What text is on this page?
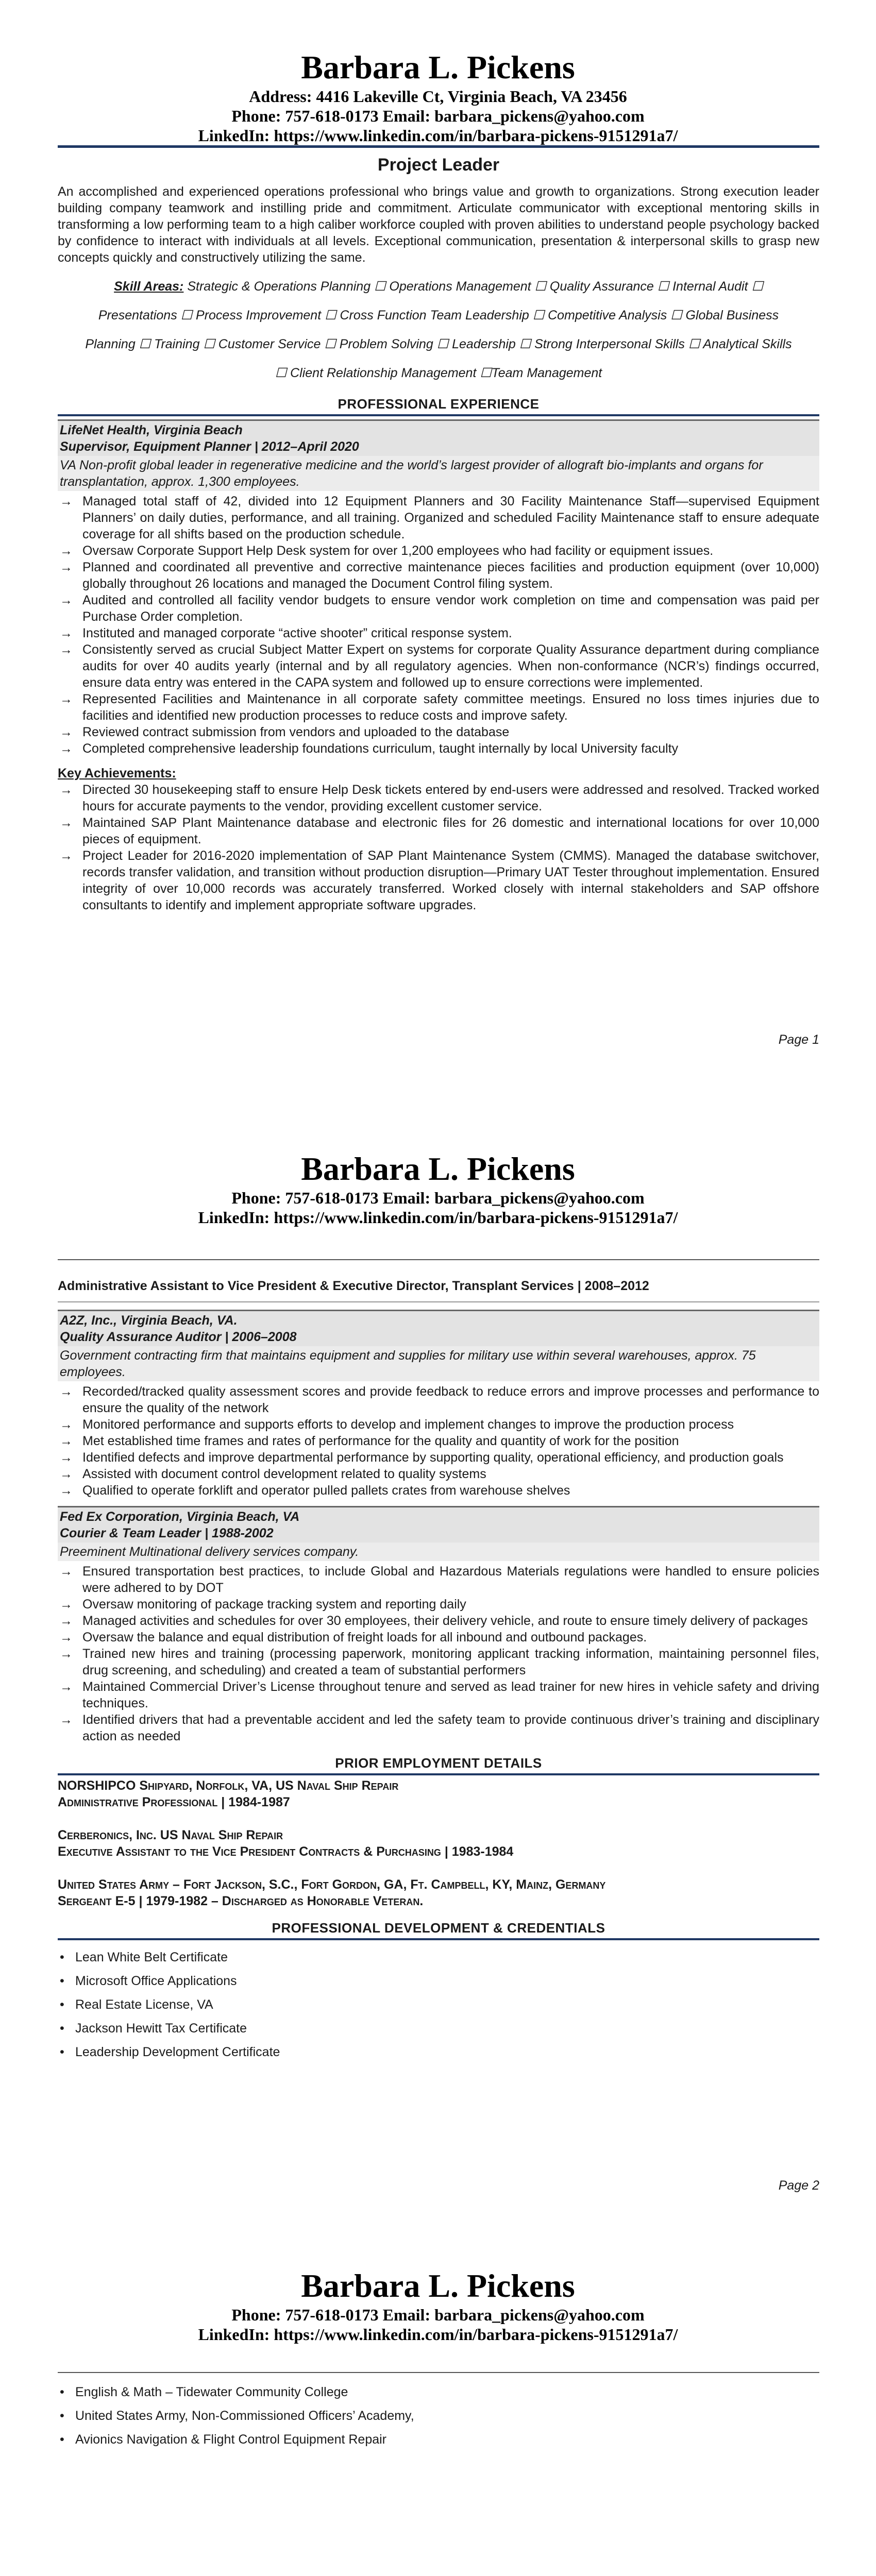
Barbara L. Pickens
Address: 4416 Lakeville Ct, Virginia Beach, VA 23456
Phone: 757-618-0173 Email: barbara_pickens@yahoo.com
LinkedIn: https://www.linkedin.com/in/barbara-pickens-9151291a7/
Project Leader

An accomplished and experienced operations professional who brings value and growth to organizations. Strong execution leader building company teamwork and instilling pride and commitment. Articulate communicator with exceptional mentoring skills in transforming a low performing team to a high caliber workforce coupled with proven abilities to understand people psychology backed by confidence to interact with individuals at all levels. Exceptional communication, presentation & interpersonal skills to grasp new concepts quickly and constructively utilizing the same.

Skill Areas: Strategic & Operations Planning ☐ Operations Management ☐ Quality Assurance ☐ Internal Audit ☐ Presentations ☐ Process Improvement ☐ Cross Function Team Leadership ☐ Competitive Analysis ☐ Global Business Planning ☐ Training ☐ Customer Service ☐ Problem Solving ☐ Leadership ☐ Strong Interpersonal Skills ☐ Analytical Skills ☐ Client Relationship Management ☐Team Management
PROFESSIONAL EXPERIENCE
LifeNet Health, Virginia Beach
Supervisor, Equipment Planner | 2012–April 2020
VA Non-profit global leader in regenerative medicine and the world’s largest provider of allograft bio-implants and organs for transplantation, approx. 1,300 employees.
→ Managed total staff of 42, divided into 12 Equipment Planners and 30 Facility Maintenance Staff—supervised Equipment Planners’ on daily duties, performance, and all training. Organized and scheduled Facility Maintenance staff to ensure adequate coverage for all shifts based on the production schedule.
→ Oversaw Corporate Support Help Desk system for over 1,200 employees who had facility or equipment issues.
→ Planned and coordinated all preventive and corrective maintenance pieces facilities and production equipment (over 10,000) globally throughout 26 locations and managed the Document Control filing system.
→ Audited and controlled all facility vendor budgets to ensure vendor work completion on time and compensation was paid per Purchase Order completion.
→ Instituted and managed corporate “active shooter” critical response system.
→ Consistently served as crucial Subject Matter Expert on systems for corporate Quality Assurance department during compliance audits for over 40 audits yearly (internal and by all regulatory agencies. When non-conformance (NCR’s) findings occurred, ensure data entry was entered in the CAPA system and followed up to ensure corrections were implemented.
→ Represented Facilities and Maintenance in all corporate safety committee meetings. Ensured no loss times injuries due to facilities and identified new production processes to reduce costs and improve safety.
→ Reviewed contract submission from vendors and uploaded to the database
→ Completed comprehensive leadership foundations curriculum, taught internally by local University faculty
Key Achievements:
→ Directed 30 housekeeping staff to ensure Help Desk tickets entered by end-users were addressed and resolved. Tracked worked hours for accurate payments to the vendor, providing excellent customer service.
→ Maintained SAP Plant Maintenance database and electronic files for 26 domestic and international locations for over 10,000 pieces of equipment.
→ Project Leader for 2016-2020 implementation of SAP Plant Maintenance System (CMMS). Managed the database switchover, records transfer validation, and transition without production disruption—Primary UAT Tester throughout implementation. Ensured integrity of over 10,000 records was accurately transferred. Worked closely with internal stakeholders and SAP offshore consultants to identify and implement appropriate software upgrades.
Page 1
Barbara L. Pickens
Phone: 757-618-0173 Email: barbara_pickens@yahoo.com
LinkedIn: https://www.linkedin.com/in/barbara-pickens-9151291a7/
Administrative Assistant to Vice President & Executive Director, Transplant Services | 2008–2012
A2Z, Inc., Virginia Beach, VA.
Quality Assurance Auditor | 2006–2008
Government contracting firm that maintains equipment and supplies for military use within several warehouses, approx. 75 employees.
→ Recorded/tracked quality assessment scores and provide feedback to reduce errors and improve processes and performance to ensure the quality of the network
→ Monitored performance and supports efforts to develop and implement changes to improve the production process
→ Met established time frames and rates of performance for the quality and quantity of work for the position
→ Identified defects and improve departmental performance by supporting quality, operational efficiency, and production goals
→ Assisted with document control development related to quality systems
→ Qualified to operate forklift and operator pulled pallets crates from warehouse shelves
Fed Ex Corporation, Virginia Beach, VA
Courier & Team Leader | 1988-2002
Preeminent Multinational delivery services company.
→ Ensured transportation best practices, to include Global and Hazardous Materials regulations were handled to ensure policies were adhered to by DOT
→ Oversaw monitoring of package tracking system and reporting daily
→ Managed activities and schedules for over 30 employees, their delivery vehicle, and route to ensure timely delivery of packages
→ Oversaw the balance and equal distribution of freight loads for all inbound and outbound packages.
→ Trained new hires and training (processing paperwork, monitoring applicant tracking information, maintaining personnel files, drug screening, and scheduling) and created a team of substantial performers
→ Maintained Commercial Driver’s License throughout tenure and served as lead trainer for new hires in vehicle safety and driving techniques.
→ Identified drivers that had a preventable accident and led the safety team to provide continuous driver’s training and disciplinary action as needed
PRIOR EMPLOYMENT DETAILS
NORSHIPCO Shipyard, Norfolk, VA, US Naval Ship Repair
Administrative Professional | 1984-1987
Cerberonics, Inc. US Naval Ship Repair
Executive Assistant to the Vice President Contracts & Purchasing | 1983-1984
United States Army – Fort Jackson, S.C., Fort Gordon, GA, Ft. Campbell, KY, Mainz, Germany
Sergeant E-5 | 1979-1982 – Discharged as Honorable Veteran.
PROFESSIONAL DEVELOPMENT & CREDENTIALS
• Lean White Belt Certificate
• Microsoft Office Applications
• Real Estate License, VA
• Jackson Hewitt Tax Certificate
• Leadership Development Certificate
Page 2
Barbara L. Pickens
Phone: 757-618-0173 Email: barbara_pickens@yahoo.com
LinkedIn: https://www.linkedin.com/in/barbara-pickens-9151291a7/
• English & Math – Tidewater Community College
• United States Army, Non-Commissioned Officers’ Academy,
• Avionics Navigation & Flight Control Equipment Repair
